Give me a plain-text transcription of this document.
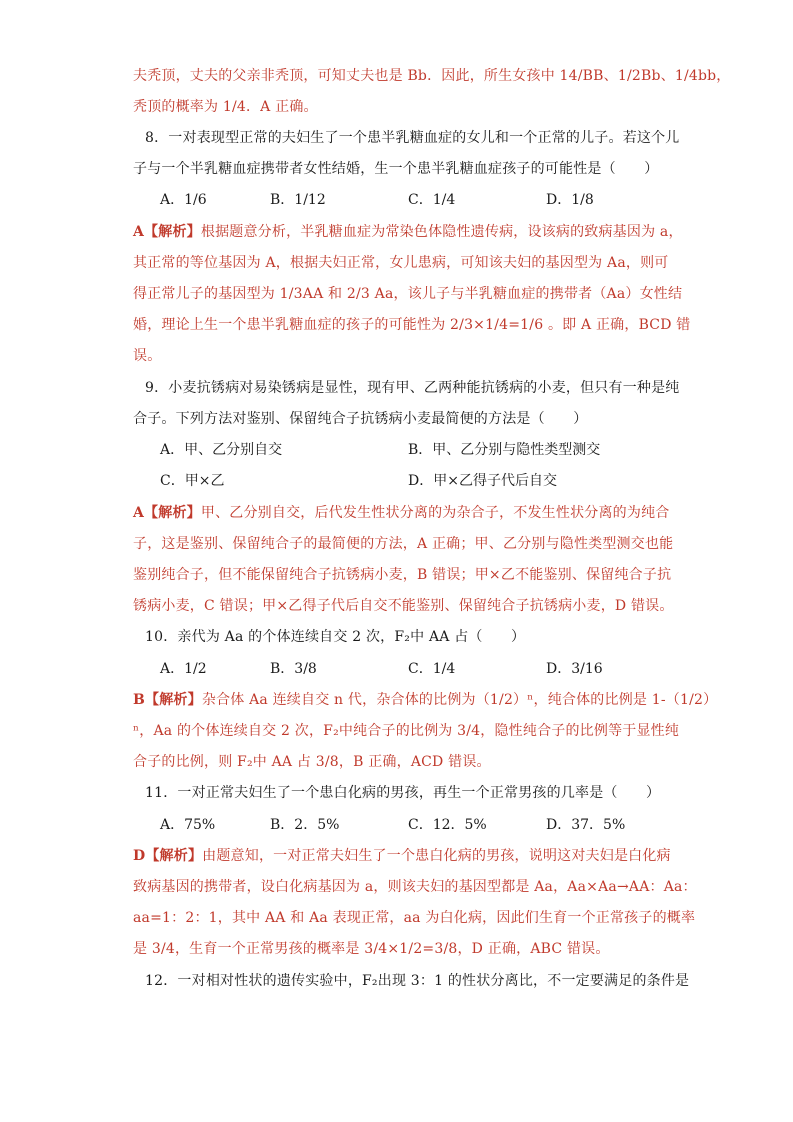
夫秃顶，丈夫的父亲非秃顶，可知丈夫也是 Bb．因此，所生女孩中 14/BB、1/2Bb、1/4bb，
秃顶的概率为 1/4．A 正确。
8．一对表现型正常的夫妇生了一个患半乳糖血症的女儿和一个正常的儿子。若这个儿
子与一个半乳糖血症携带者女性结婚，生一个患半乳糖血症孩子的可能性是（　　）
A【解析】根据题意分析，半乳糖血症为常染色体隐性遗传病，设该病的致病基因为 a，
其正常的等位基因为 A，根据夫妇正常，女儿患病，可知该夫妇的基因型为 Aa，则可
得正常儿子的基因型为 1/3AA 和 2/3 Aa，该儿子与半乳糖血症的携带者（Aa）女性结
婚，理论上生一个患半乳糖血症的孩子的可能性为 2/3×1/4=1/6 。即 A 正确，BCD 错
误。
9．小麦抗锈病对易染锈病是显性，现有甲、乙两种能抗锈病的小麦，但只有一种是纯
合子。下列方法对鉴别、保留纯合子抗锈病小麦最简便的方法是（　　）
A【解析】甲、乙分别自交，后代发生性状分离的为杂合子，不发生性状分离的为纯合
子，这是鉴别、保留纯合子的最简便的方法，A 正确；甲、乙分别与隐性类型测交也能
鉴别纯合子，但不能保留纯合子抗锈病小麦，B 错误；甲×乙不能鉴别、保留纯合子抗
锈病小麦，C 错误；甲×乙得子代后自交不能鉴别、保留纯合子抗锈病小麦，D 错误。
10．亲代为 Aa 的个体连续自交 2 次，F₂中 AA 占（　　）
B【解析】杂合体 Aa 连续自交 n 代，杂合体的比例为（1/2）ⁿ，纯合体的比例是 1-（1/2）
ⁿ，Aa 的个体连续自交 2 次，F₂中纯合子的比例为 3/4，隐性纯合子的比例等于显性纯
合子的比例，则 F₂中 AA 占 3/8，B 正确，ACD 错误。
11．一对正常夫妇生了一个患白化病的男孩，再生一个正常男孩的几率是（　　）
D【解析】由题意知，一对正常夫妇生了一个患白化病的男孩，说明这对夫妇是白化病
致病基因的携带者，设白化病基因为 a，则该夫妇的基因型都是 Aa，Aa×Aa→AA：Aa：
aa=1：2：1，其中 AA 和 Aa 表现正常，aa 为白化病，因此们生育一个正常孩子的概率
是 3/4，生育一个正常男孩的概率是 3/4×1/2=3/8，D 正确，ABC 错误。
12．一对相对性状的遗传实验中，F₂出现 3：1 的性状分离比，不一定要满足的条件是
A．1/6	B．1/12	C．1/4	D．1/8
A．甲、乙分别自交	B．甲、乙分别与隐性类型测交
C．甲×乙	D．甲×乙得子代后自交
A．1/2	B．3/8	C．1/4	D．3/16
A．75%	B．2．5%	C．12．5%	D．37．5%
